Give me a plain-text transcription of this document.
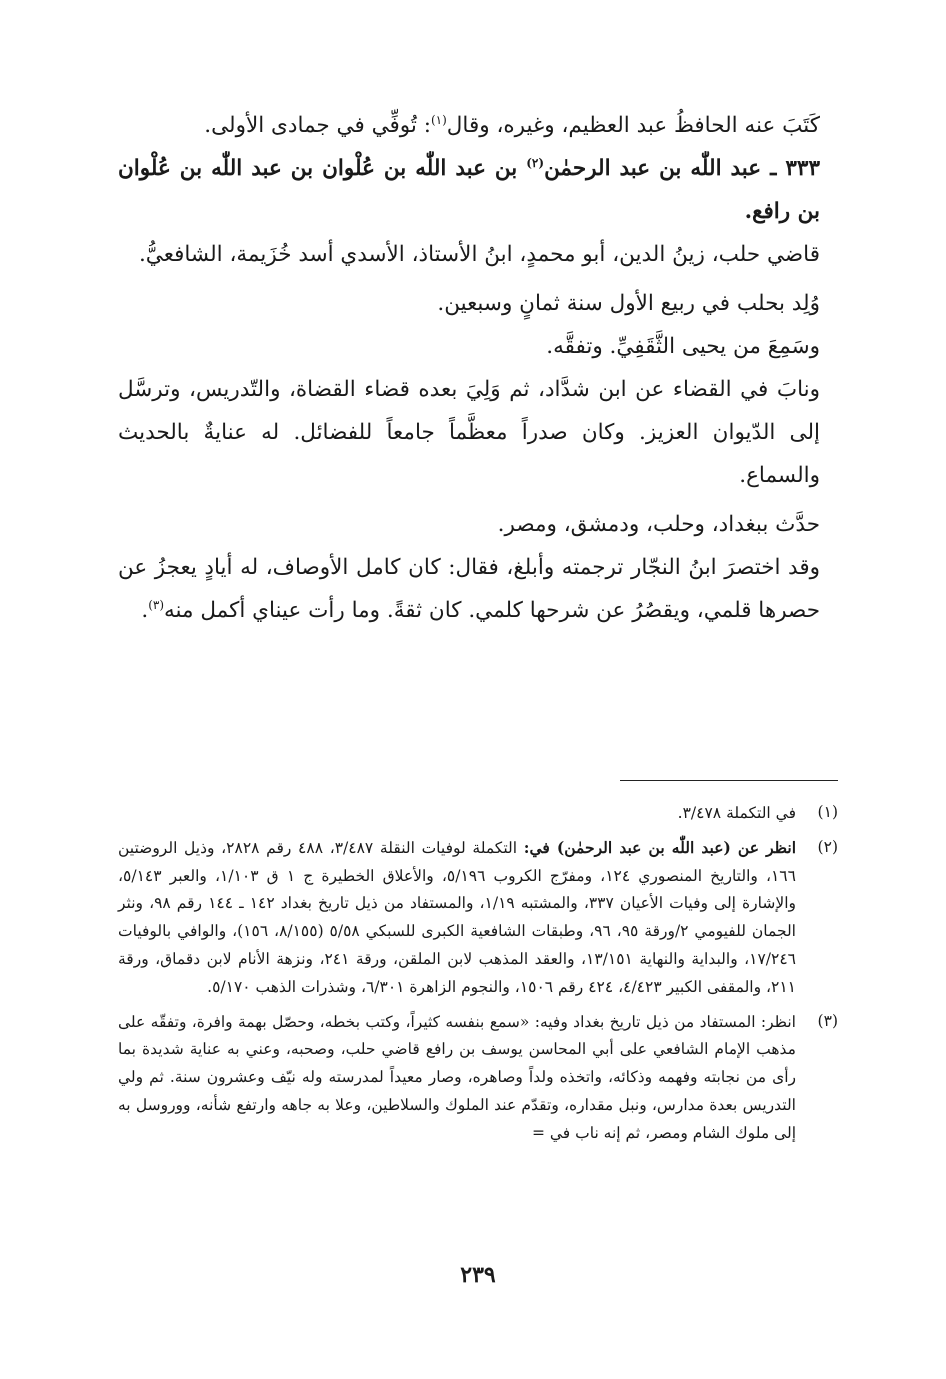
كَتَبَ عنه الحافظُ عبد العظيم، وغيره، وقال$^{(١)}$: تُوفِّي في جمادى الأولى.

٣٣٣ ـ عبد اللّٰه بن عبد الرحمٰن$^{(٢)}$ بن عبد اللّٰه بن عُلْوان بن عبد اللّٰه بن عُلْوان بن رافع.

قاضي حلب، زينُ الدين، أبو محمدٍ، ابنُ الأستاذ، الأسدي أسد خُزَيمة، الشافعيُّ.

وُلِد بحلب في ربيع الأول سنة ثمانٍ وسبعين.

وسَمِعَ من يحيى الثَّقَفِيِّ. وتفقَّه.

ونابَ في القضاء عن ابن شدَّاد، ثم وَلِيَ بعده قضاء القضاة، والتّدريس، وترسَّل إلى الدّيوان العزيز. وكان صدراً معظَّماً جامعاً للفضائل. له عنايةٌ بالحديث والسماع.

حدَّث ببغداد، وحلب، ودمشق، ومصر.

وقد اختصرَ ابنُ النجّار ترجمته وأبلغ، فقال: كان كامل الأوصاف، له أيادٍ يعجزُ عن حصرها قلمي، ويقصُرُ عن شرحها كلمي. كان ثقةً. وما رأت عيناي أكمل منه$^{(٣)}$.

(١)
في التكملة ٣/٤٧٨.
(٢)
انظر عن (عبد اللّٰه بن عبد الرحمٰن) في: التكملة لوفيات النقلة ٣/٤٨٧، ٤٨٨ رقم ٢٨٢٨، وذيل الروضتين ١٦٦، والتاريخ المنصوري ١٢٤، ومفرّج الكروب ٥/١٩٦، والأعلاق الخطيرة ج ١ ق ١/١٠٣، والعبر ٥/١٤٣، والإشارة إلى وفيات الأعيان ٣٣٧، والمشتبه ١/١٩، والمستفاد من ذيل تاريخ بغداد ١٤٢ ـ ١٤٤ رقم ٩٨، ونثر الجمان للفيومي ٢/ورقة ٩٥، ٩٦، وطبقات الشافعية الكبرى للسبكي ٥/٥٨ (٨/١٥٥، ١٥٦)، والوافي بالوفيات ١٧/٢٤٦، والبداية والنهاية ١٣/١٥١، والعقد المذهب لابن الملقن، ورقة ٢٤١، ونزهة الأنام لابن دقماق، ورقة ٢١١، والمقفى الكبير ٤/٤٢٣، ٤٢٤ رقم ١٥٠٦، والنجوم الزاهرة ٦/٣٠١، وشذرات الذهب ٥/١٧٠.
(٣)
انظر: المستفاد من ذيل تاريخ بغداد وفيه: «سمع بنفسه كثيراً، وكتب بخطه، وحصّل بهمة وافرة، وتفقّه على مذهب الإمام الشافعي على أبي المحاسن يوسف بن رافع قاضي حلب، وصحبه، وعني به عناية شديدة بما رأى من نجابته وفهمه وذكائه، واتخذه ولداً وصاهره، وصار معيداً لمدرسته وله نيّف وعشرون سنة. ثم ولي التدريس بعدة مدارس، ونبل مقداره، وتقدّم عند الملوك والسلاطين، وعلا به جاهه وارتفع شأنه، ووروسل به إلى ملوك الشام ومصر، ثم إنه ناب في =
٢٣٩
